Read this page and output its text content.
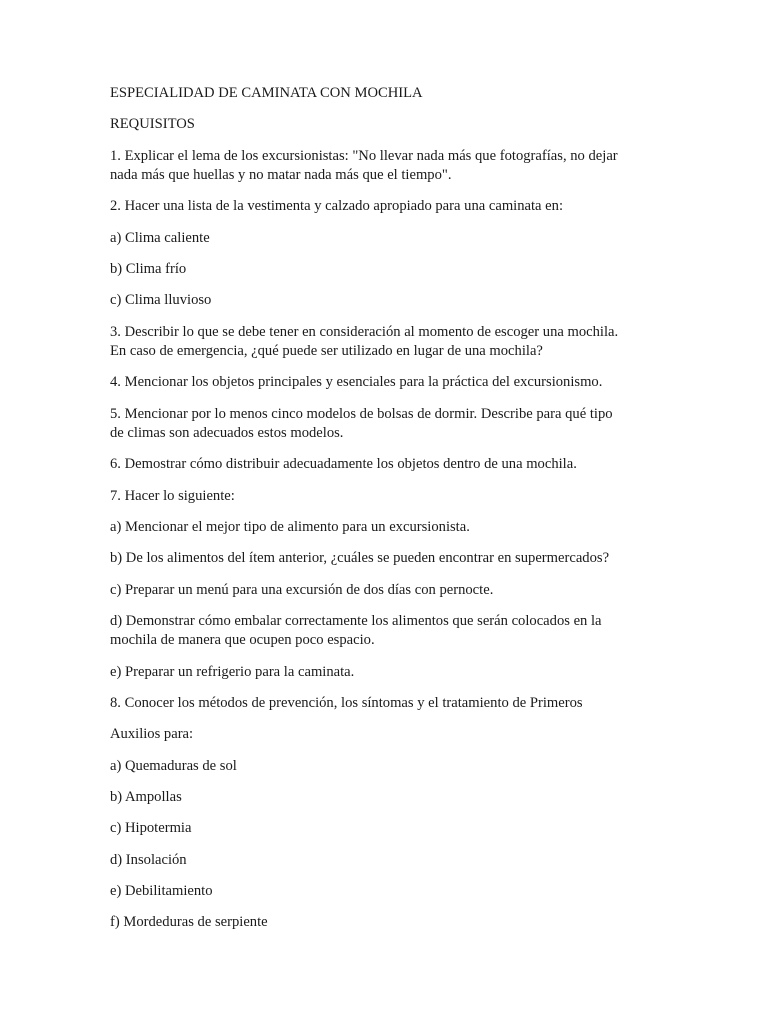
ESPECIALIDAD DE CAMINATA CON MOCHILA

REQUISITOS

1. Explicar el lema de los excursionistas: "No llevar nada más que fotografías, no dejar
nada más que huellas y no matar nada más que el tiempo".

2. Hacer una lista de la vestimenta y calzado apropiado para una caminata en:

a) Clima caliente

b) Clima frío

c) Clima lluvioso

3. Describir lo que se debe tener en consideración al momento de escoger una mochila.
En caso de emergencia, ¿qué puede ser utilizado en lugar de una mochila?

4. Mencionar los objetos principales y esenciales para la práctica del excursionismo.

5. Mencionar por lo menos cinco modelos de bolsas de dormir. Describe para qué tipo
de climas son adecuados estos modelos.

6. Demostrar cómo distribuir adecuadamente los objetos dentro de una mochila.

7. Hacer lo siguiente:

a) Mencionar el mejor tipo de alimento para un excursionista.

b) De los alimentos del ítem anterior, ¿cuáles se pueden encontrar en supermercados?

c) Preparar un menú para una excursión de dos días con pernocte.

d) Demonstrar cómo embalar correctamente los alimentos que serán colocados en la
mochila de manera que ocupen poco espacio.

e) Preparar un refrigerio para la caminata.

8. Conocer los métodos de prevención, los síntomas y el tratamiento de Primeros

Auxilios para:

a) Quemaduras de sol

b) Ampollas

c) Hipotermia

d) Insolación

e) Debilitamiento

f) Mordeduras de serpiente
